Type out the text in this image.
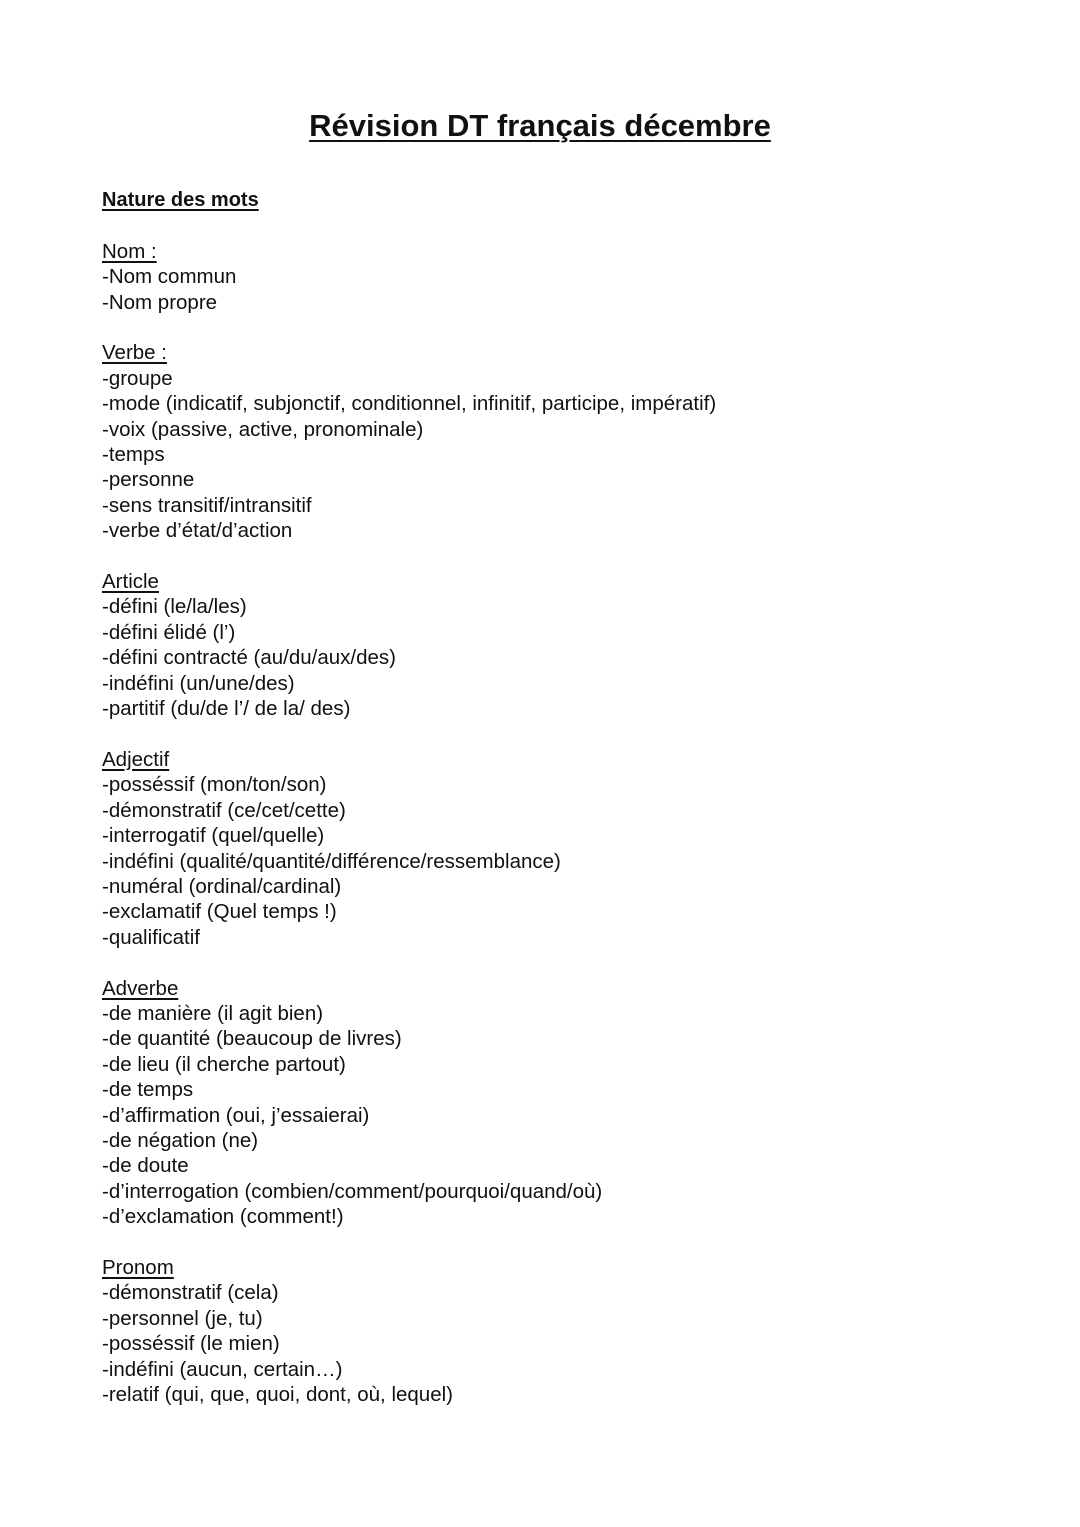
Révision DT français décembre
Nature des mots
Nom :
-Nom commun
-Nom propre
Verbe :
-groupe
-mode (indicatif, subjonctif, conditionnel, infinitif, participe, impératif)
-voix (passive, active, pronominale)
-temps
-personne
-sens transitif/intransitif
-verbe d’état/d’action
Article
-défini (le/la/les)
-défini élidé (l’)
-défini contracté (au/du/aux/des)
-indéfini (un/une/des)
-partitif (du/de l’/ de la/ des)
Adjectif
-posséssif (mon/ton/son)
-démonstratif (ce/cet/cette)
-interrogatif (quel/quelle)
-indéfini (qualité/quantité/différence/ressemblance)
-numéral (ordinal/cardinal)
-exclamatif (Quel temps !)
-qualificatif
Adverbe
-de manière (il agit bien)
-de quantité (beaucoup de livres)
-de lieu (il cherche partout)
-de temps
-d’affirmation (oui, j’essaierai)
-de négation (ne)
-de doute
-d’interrogation (combien/comment/pourquoi/quand/où)
-d’exclamation (comment!)
Pronom
-démonstratif (cela)
-personnel (je, tu)
-posséssif (le mien)
-indéfini (aucun, certain…)
-relatif (qui, que, quoi, dont, où, lequel)
